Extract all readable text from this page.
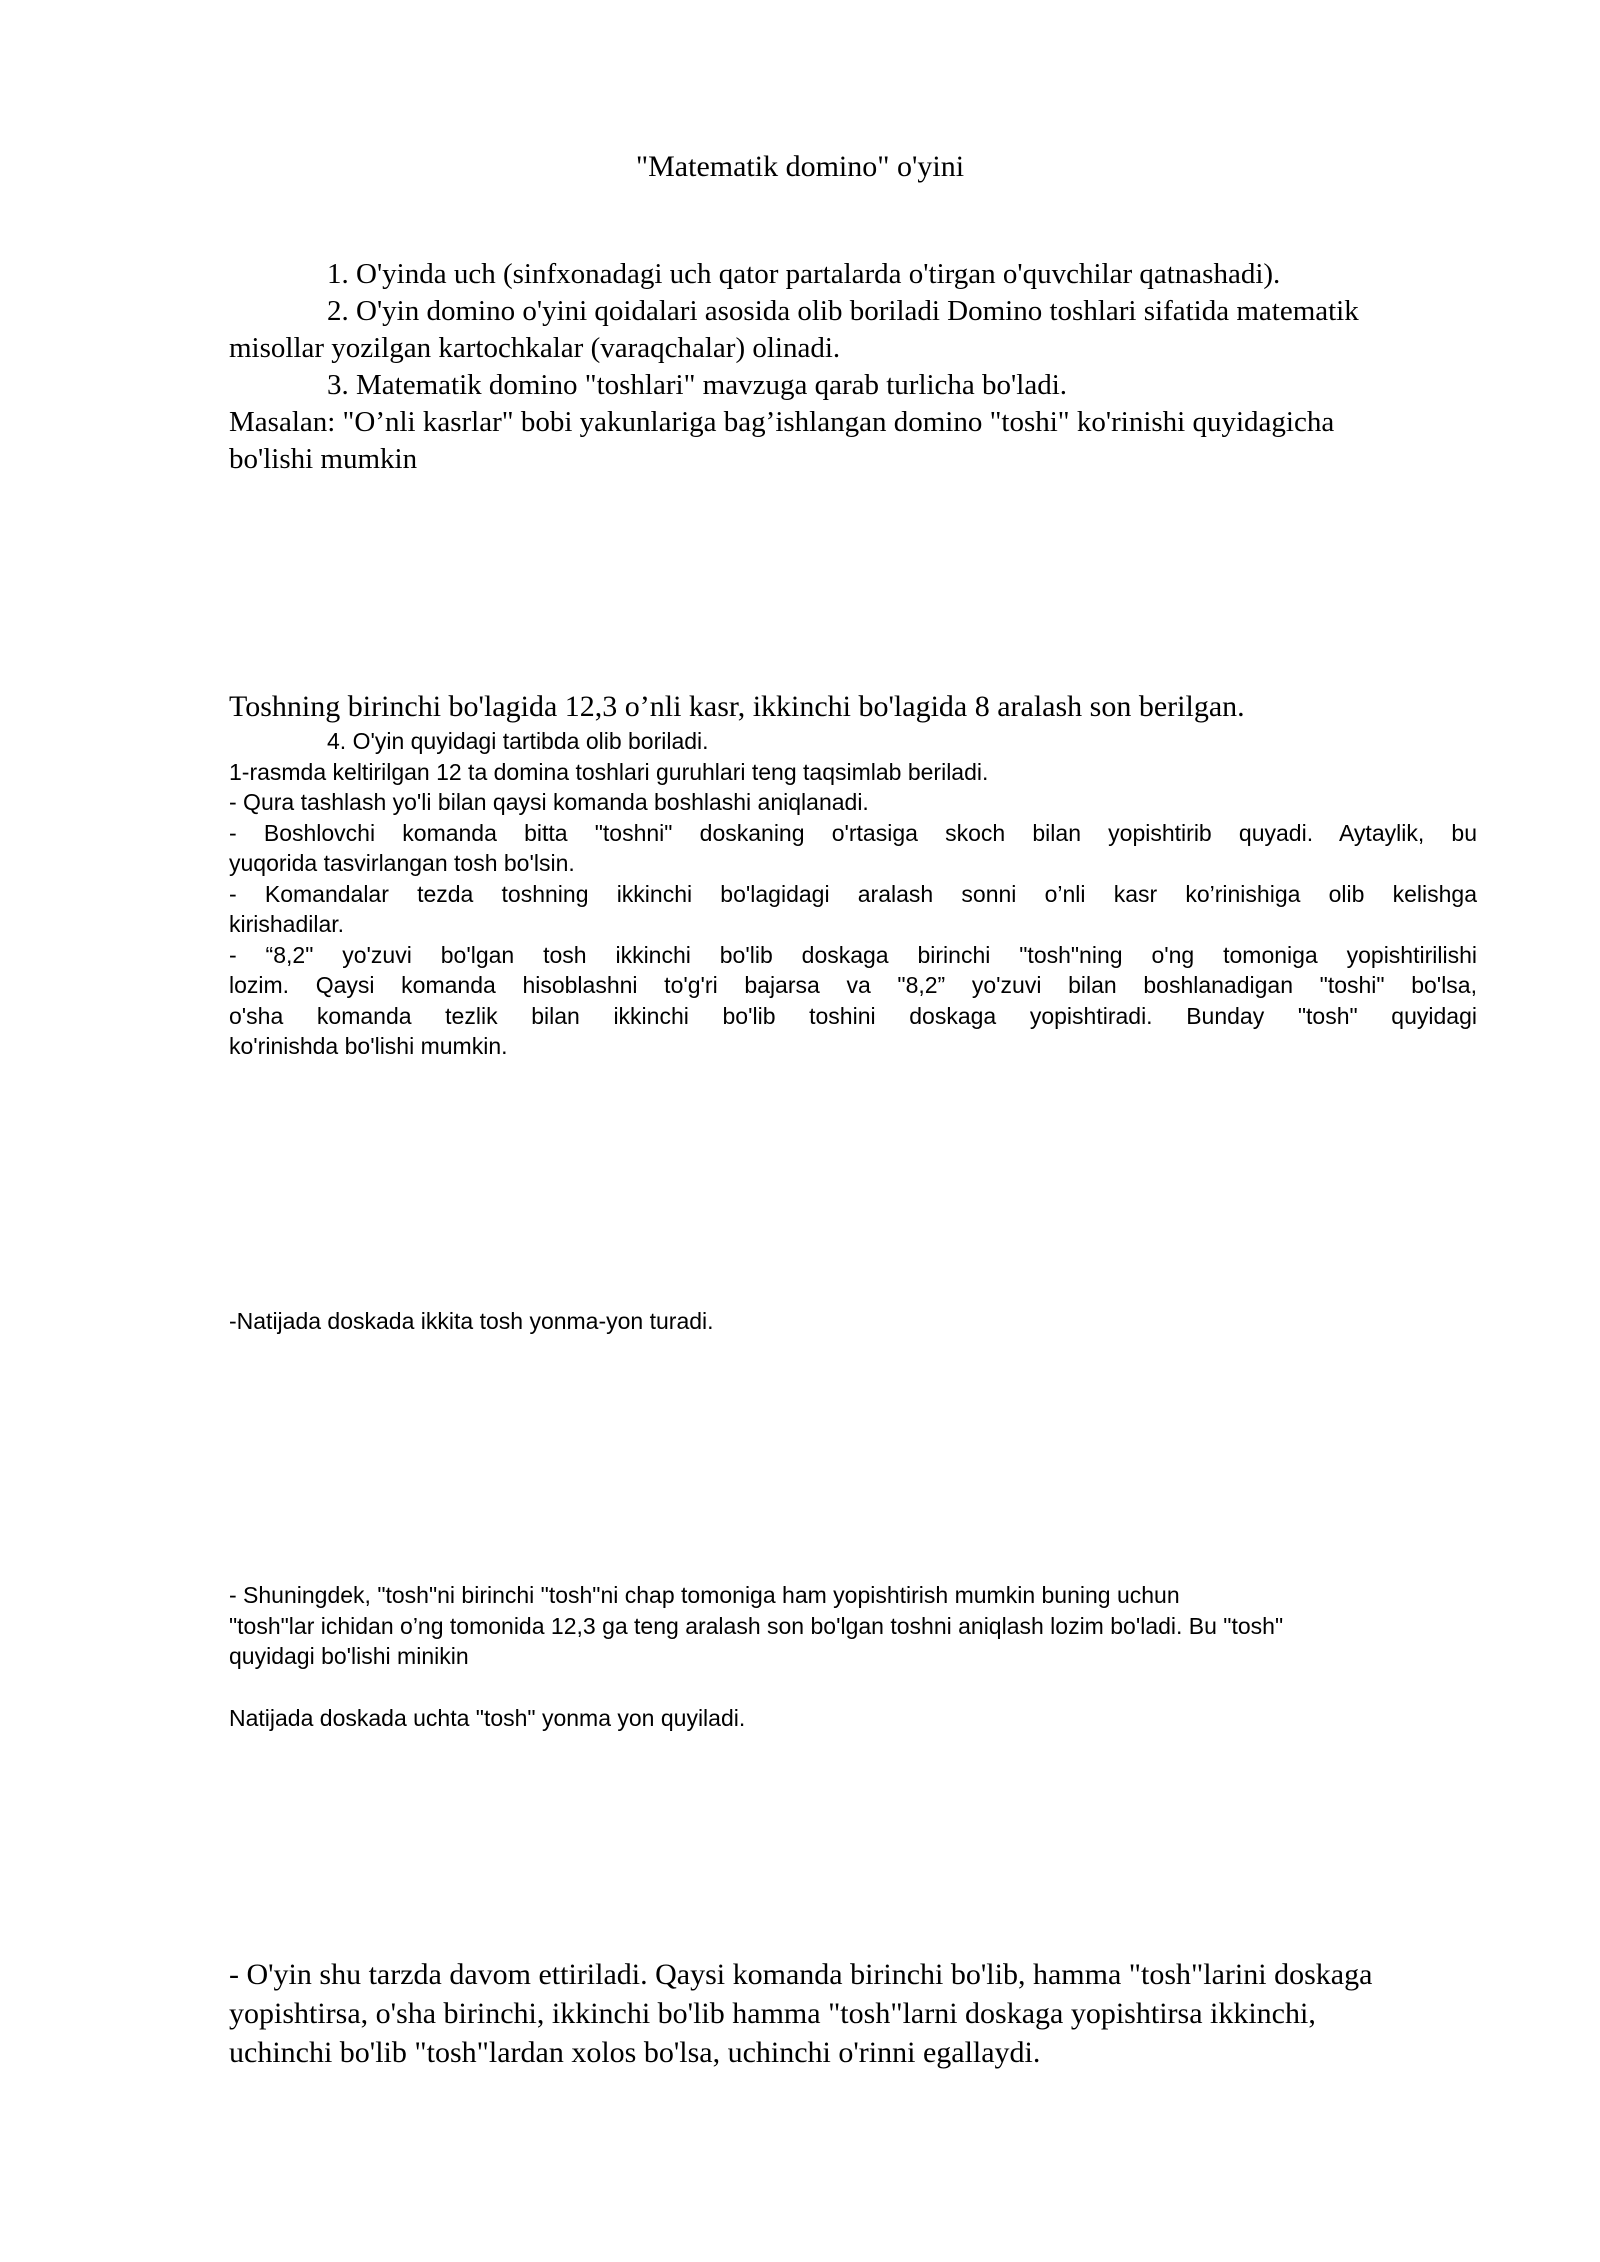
"Matematik domino" o'yini
1. O'yinda uch (sinfxonadagi uch qator partalarda o'tirgan o'quvchilar qatnashadi).
2. O'yin domino o'yini qoidalari asosida olib boriladi Domino toshlari sifatida matematik
misollar yozilgan kartochkalar (varaqchalar) olinadi.
3. Matematik domino "toshlari" mavzuga qarab turlicha bo'ladi.
Masalan: "O’nli kasrlar" bobi yakunlariga bag’ishlangan domino "toshi" ko'rinishi quyidagicha
bo'lishi mumkin
Toshning birinchi bo'lagida 12,3 o’nli kasr, ikkinchi bo'lagida 8 aralash son berilgan.
4. O'yin quyidagi tartibda olib boriladi.
1-rasmda keltirilgan 12 ta domina toshlari guruhlari teng taqsimlab beriladi.
- Qura tashlash yo'li bilan qaysi komanda boshlashi aniqlanadi.
- Boshlovchi komanda bitta "toshni" doskaning o'rtasiga skoch bilan yopishtirib quyadi. Aytaylik, bu
yuqorida tasvirlangan tosh bo'lsin.
- Komandalar tezda toshning ikkinchi bo'lagidagi aralash sonni o’nli kasr ko’rinishiga olib kelishga
kirishadilar.
- “8,2" yo'zuvi bo'lgan tosh ikkinchi bo'lib doskaga birinchi "tosh"ning o'ng tomoniga yopishtirilishi
lozim. Qaysi komanda hisoblashni to'g'ri bajarsa va "8,2” yo'zuvi bilan boshlanadigan "toshi" bo'lsa,
o'sha komanda tezlik bilan ikkinchi bo'lib toshini doskaga yopishtiradi. Bunday "tosh" quyidagi
ko'rinishda bo'lishi mumkin.
-Natijada doskada ikkita tosh yonma-yon turadi.
- Shuningdek, "tosh"ni birinchi "tosh"ni chap tomoniga ham yopishtirish mumkin buning uchun
"tosh"lar ichidan o’ng tomonida 12,3 ga teng aralash son bo'lgan toshni aniqlash lozim bo'ladi. Bu "tosh"
quyidagi bo'lishi minikin
Natijada doskada uchta "tosh" yonma yon quyiladi.
- O'yin shu tarzda davom ettiriladi. Qaysi komanda birinchi bo'lib, hamma "tosh"larini doskaga
yopishtirsa, o'sha birinchi, ikkinchi bo'lib hamma "tosh"larni doskaga yopishtirsa ikkinchi,
uchinchi bo'lib "tosh"lardan xolos bo'lsa, uchinchi o'rinni egallaydi.
